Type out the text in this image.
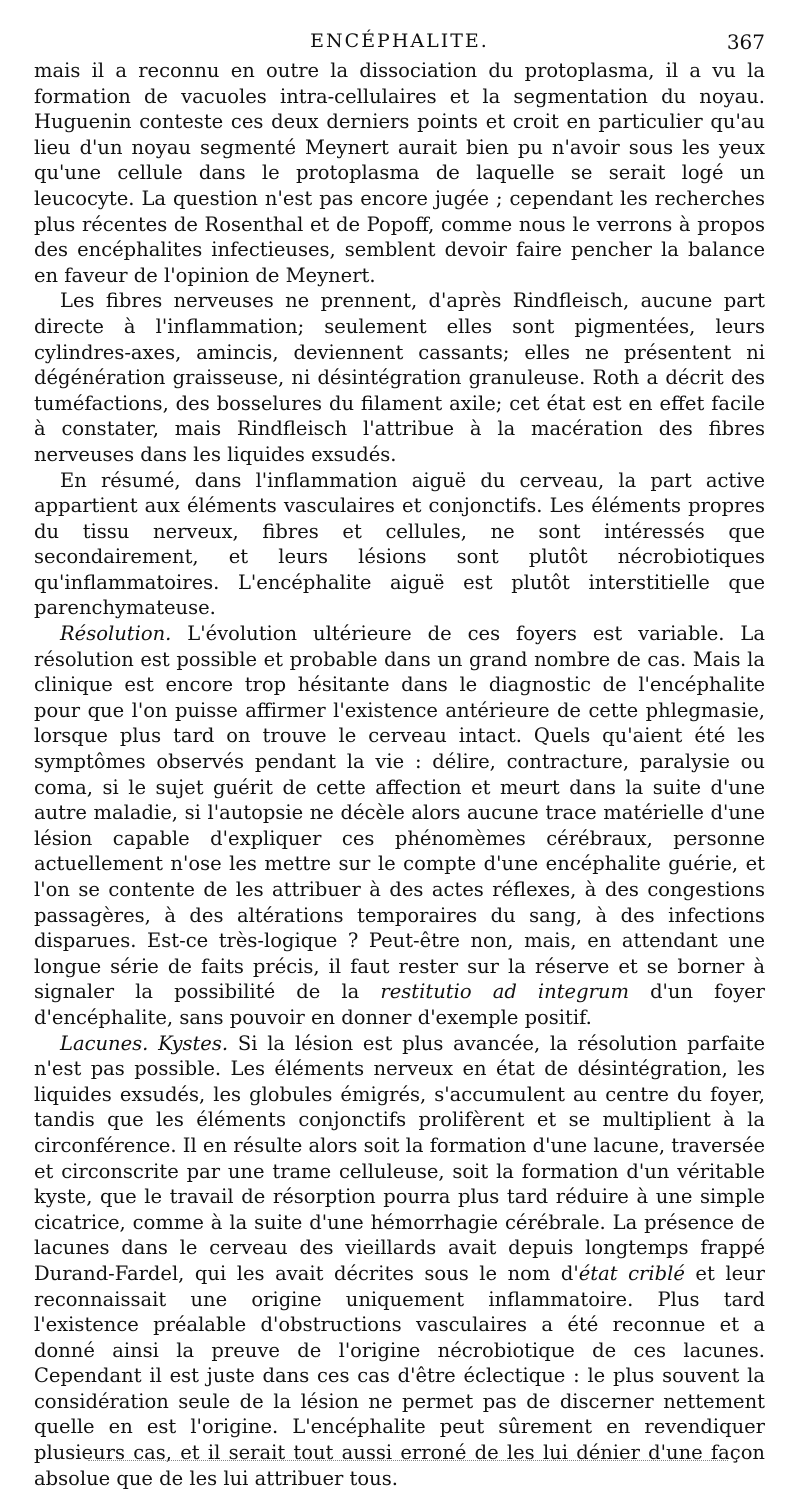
ENCÉPHALITE.	367

mais il a reconnu en outre la dissociation du protoplasma, il a vu la formation de vacuoles intra-cellulaires et la segmentation du noyau. Huguenin conteste ces deux derniers points et croit en particulier qu'au lieu d'un noyau segmenté Meynert aurait bien pu n'avoir sous les yeux qu'une cellule dans le protoplasma de laquelle se serait logé un leucocyte. La question n'est pas encore jugée ; cependant les recherches plus récentes de Rosenthal et de Popoff, comme nous le verrons à propos des encéphalites infectieuses, semblent devoir faire pencher la balance en faveur de l'opinion de Meynert.

Les fibres nerveuses ne prennent, d'après Rindfleisch, aucune part directe à l'inflammation; seulement elles sont pigmentées, leurs cylindres-axes, amincis, deviennent cassants; elles ne présentent ni dégénération graisseuse, ni désintégration granuleuse. Roth a décrit des tuméfactions, des bosselures du filament axile; cet état est en effet facile à constater, mais Rindfleisch l'attribue à la macération des fibres nerveuses dans les liquides exsudés.

En résumé, dans l'inflammation aiguë du cerveau, la part active appartient aux éléments vasculaires et conjonctifs. Les éléments propres du tissu nerveux, fibres et cellules, ne sont intéressés que secondairement, et leurs lésions sont plutôt nécrobiotiques qu'inflammatoires. L'encéphalite aiguë est plutôt interstitielle que parenchymateuse.

Résolution. L'évolution ultérieure de ces foyers est variable. La résolution est possible et probable dans un grand nombre de cas. Mais la clinique est encore trop hésitante dans le diagnostic de l'encéphalite pour que l'on puisse affirmer l'existence antérieure de cette phlegmasie, lorsque plus tard on trouve le cerveau intact. Quels qu'aient été les symptômes observés pendant la vie : délire, contracture, paralysie ou coma, si le sujet guérit de cette affection et meurt dans la suite d'une autre maladie, si l'autopsie ne décèle alors aucune trace matérielle d'une lésion capable d'expliquer ces phénomèmes cérébraux, personne actuellement n'ose les mettre sur le compte d'une encéphalite guérie, et l'on se contente de les attribuer à des actes réflexes, à des congestions passagères, à des altérations temporaires du sang, à des infections disparues. Est-ce très-logique ? Peut-être non, mais, en attendant une longue série de faits précis, il faut rester sur la réserve et se borner à signaler la possibilité de la restitutio ad integrum d'un foyer d'encéphalite, sans pouvoir en donner d'exemple positif.

Lacunes. Kystes. Si la lésion est plus avancée, la résolution parfaite n'est pas possible. Les éléments nerveux en état de désintégration, les liquides exsudés, les globules émigrés, s'accumulent au centre du foyer, tandis que les éléments conjonctifs prolifèrent et se multiplient à la circonférence. Il en résulte alors soit la formation d'une lacune, traversée et circonscrite par une trame celluleuse, soit la formation d'un véritable kyste, que le travail de résorption pourra plus tard réduire à une simple cicatrice, comme à la suite d'une hémorrhagie cérébrale. La présence de lacunes dans le cerveau des vieillards avait depuis longtemps frappé Durand-Fardel, qui les avait décrites sous le nom d'état criblé et leur reconnaissait une origine uniquement inflammatoire. Plus tard l'existence préalable d'obstructions vasculaires a été reconnue et a donné ainsi la preuve de l'origine nécrobiotique de ces lacunes. Cependant il est juste dans ces cas d'être éclectique : le plus souvent la considération seule de la lésion ne permet pas de discerner nettement quelle en est l'origine. L'encéphalite peut sûrement en revendiquer plusieurs cas, et il serait tout aussi erroné de les lui dénier d'une façon absolue que de les lui attribuer tous.
